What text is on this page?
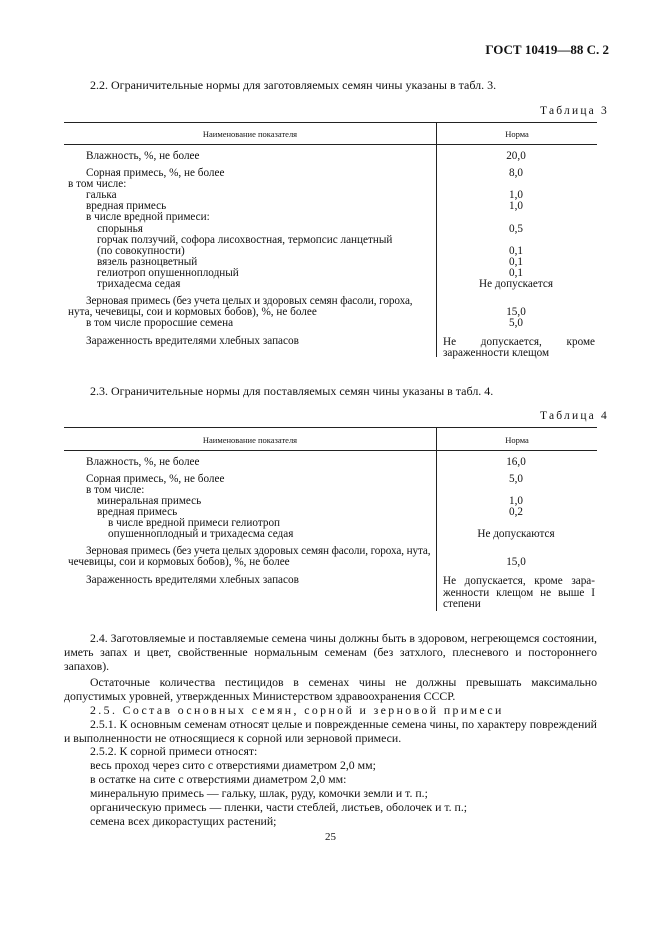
ГОСТ 10419—88 С. 2
2.2. Ограничительные нормы для заготовляемых семян чины указаны в табл. 3.
Таблица 3
Наименование показателя	Норма
Влажность, %, не более	20,0
Сорная примесь, %, не более	8,0
в том числе:
галька	1,0
вредная примесь	1,0
в числе вредной примеси:
спорынья	0,5
горчак ползучий, софора лисохвостная, термопсис ланцетный
(по совокупности)	0,1
вязель разноцветный	0,1
гелиотроп опушенноплодный	0,1
трихадесма седая	Не допускается
Зерновая примесь (без учета целых и здоровых семян фасоли, гороха,
нута, чечевицы, сои и кормовых бобов), %, не более	15,0
в том числе проросшие семена	5,0
Зараженность вредителями хлебных запасов	Не допускается, кроме
зараженности клещом
2.3. Ограничительные нормы для поставляемых семян чины указаны в табл. 4.
Таблица 4
Наименование показателя	Норма
Влажность, %, не более	16,0
Сорная примесь, %, не более	5,0
в том числе:
минеральная примесь	1,0
вредная примесь	0,2
в числе вредной примеси гелиотроп
опушенноплодный и трихадесма седая	Не допускаются
Зерновая примесь (без учета целых здоровых семян фасоли, гороха, нута,
чечевицы, сои и кормовых бобов), %, не более	15,0
Зараженность вредителями хлебных запасов	Не допускается, кроме зара-
женности клещом не выше I
степени
2.4. Заготовляемые и поставляемые семена чины должны быть в здоровом, негреющемся состоянии, иметь запах и цвет, свойственные нормальным семенам (без затхлого, плесневого и постороннего запахов).
Остаточные количества пестицидов в семенах чины не должны превышать максимально допустимых уровней, утвержденных Министерством здравоохранения СССР.
2.5. Состав основных семян, сорной и зерновой примеси
2.5.1. К основным семенам относят целые и поврежденные семена чины, по характеру повреждений и выполненности не относящиеся к сорной или зерновой примеси.
2.5.2. К сорной примеси относят:
весь проход через сито с отверстиями диаметром 2,0 мм;
в остатке на сите с отверстиями диаметром 2,0 мм:
минеральную примесь — гальку, шлак, руду, комочки земли и т. п.;
органическую примесь — пленки, части стеблей, листьев, оболочек и т. п.;
семена всех дикорастущих растений;
25
